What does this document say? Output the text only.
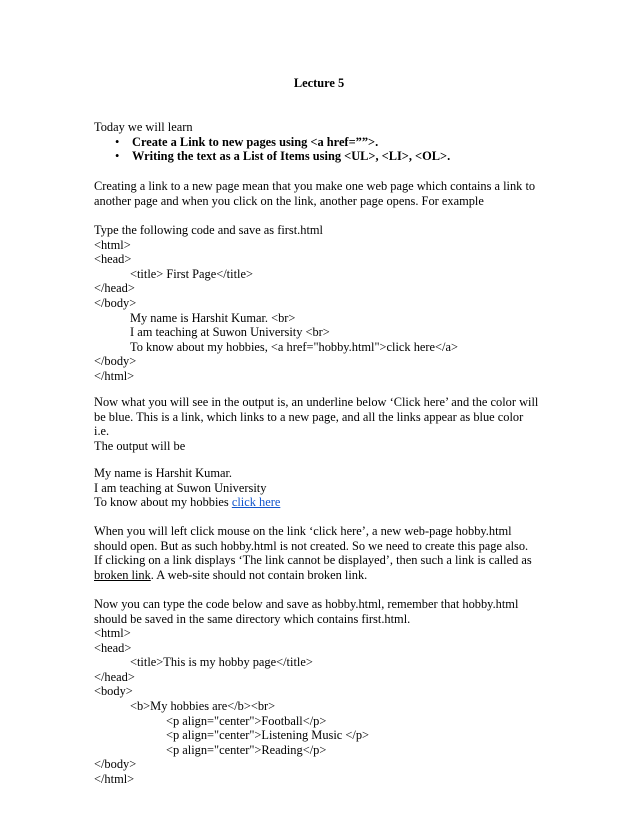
Lecture 5
Today we will learn
• Create a Link to new pages using <a href=””>.
• Writing the text as a List of Items using <UL>, <LI>, <OL>.
Creating a link to a new page mean that you make one web page which contains a link to
another page and when you click on the link, another page opens. For example
Type the following code and save as first.html
<html>
<head>
<title> First Page</title>
</head>
</body>
My name is Harshit Kumar. <br>
I am teaching at Suwon University <br>
To know about my hobbies, <a href="hobby.html">click here</a>
</body>
</html>
Now what you will see in the output is, an underline below ‘Click here’ and the color will
be blue. This is a link, which links to a new page, and all the links appear as blue color
i.e.
The output will be
My name is Harshit Kumar.
I am teaching at Suwon University
To know about my hobbies click here
When you will left click mouse on the link ‘click here’, a new web-page hobby.html
should open. But as such hobby.html is not created. So we need to create this page also.
If clicking on a link displays ‘The link cannot be displayed’, then such a link is called as
broken link. A web-site should not contain broken link.
Now you can type the code below and save as hobby.html, remember that hobby.html
should be saved in the same directory which contains first.html.
<html>
<head>
<title>This is my hobby page</title>
</head>
<body>
<b>My hobbies are</b><br>
<p align="center">Football</p>
<p align="center">Listening Music </p>
<p align="center">Reading</p>
</body>
</html>
